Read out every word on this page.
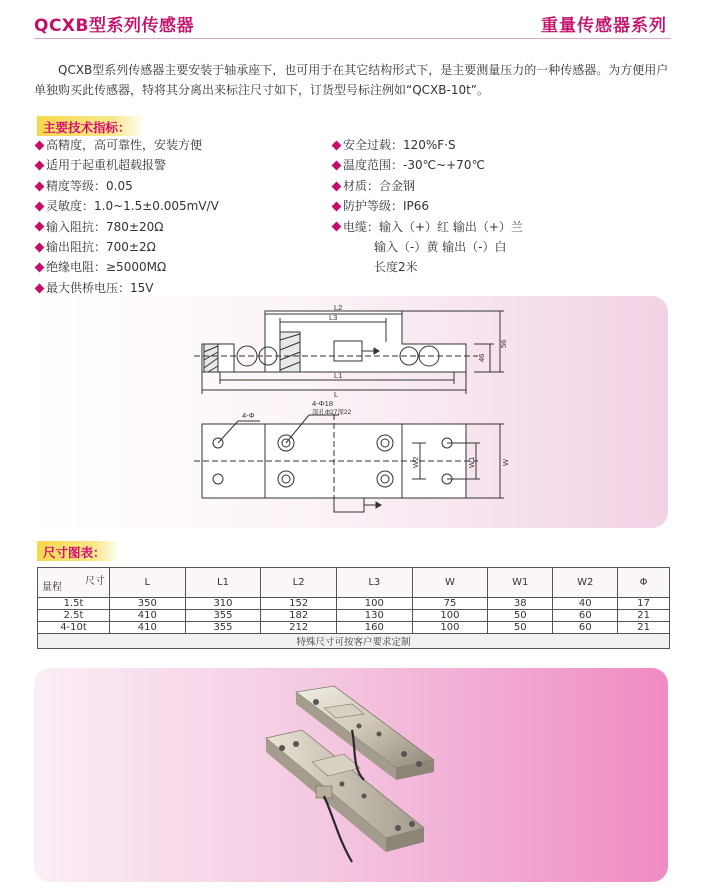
QCXB型系列传感器	重量传感器系列

QCXB型系列传感器主要安装于轴承座下，也可用于在其它结构形式下，是主要测量压力的一种传感器。为方便用户单独购买此传感器，特将其分离出来标注尺寸如下，订货型号标注例如“QCXB-10t”。

主要技术指标：
高精度，高可靠性，安装方便
适用于起重机超载报警
精度等级：0.05
灵敏度：1.0~1.5±0.005mV/V
输入阻抗：780±20Ω
输出阻抗：700±2Ω
绝缘电阻：≥5000MΩ
最大供桥电压：15V
安全过载：120%F·S
温度范围：-30℃~+70℃
材质：合金钢
防护等级：IP66
电缆：输入（+）红 输出（+）兰
输入（-）黄 输出（-）白
长度2米
L2
L3
L1
L
46
56
4-Φ
4-Φ18
深孔Φ27深22
W2	W1	W
尺寸图表：
尺寸
量程	L	L1	L2	L3	W	W1	W2	Φ
1.5t	350	310	152	100	75	38	40	17
2.5t	410	355	182	130	100	50	60	21
4-10t	410	355	212	160	100	50	60	21
特殊尺寸可按客户要求定制								
